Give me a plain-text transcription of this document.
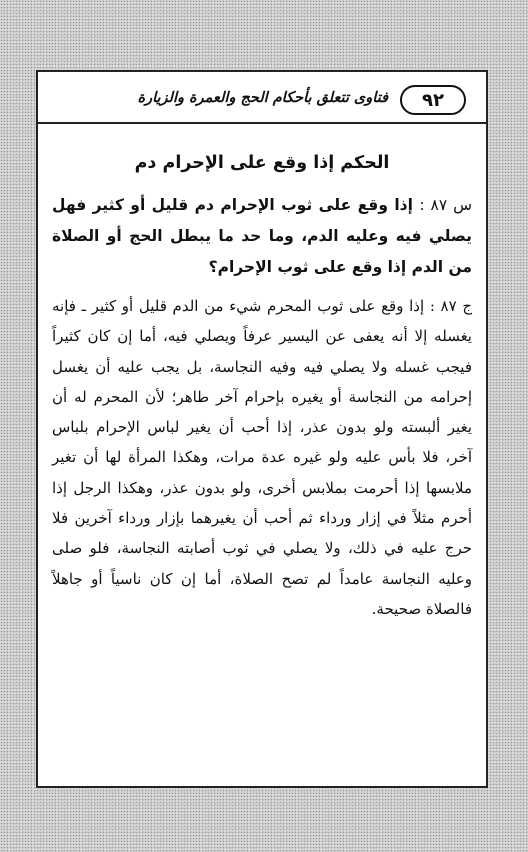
٩٢
فتاوى تتعلق بأحكام الحج والعمرة والزيارة
الحكم إذا وقع على الإحرام دم

س ٨٧ : إذا وقع على ثوب الإحرام دم قليل أو كثير فهل يصلي فيه وعليه الدم، وما حد ما يبطل الحج أو الصلاة من الدم إذا وقع على ثوب الإحرام؟

ج ٨٧ : إذا وقع على ثوب المحرم شيء من الدم قليل أو كثير ـ فإنه يغسله إلا أنه يعفى عن اليسير عرفاً ويصلي فيه، أما إن كان كثيراً فيجب غسله ولا يصلي فيه وفيه النجاسة، بل يجب عليه أن يغسل إحرامه من النجاسة أو يغيره بإحرام آخر طاهر؛ لأن المحرم له أن يغير ألبسته ولو بدون عذر، إذا أحب أن يغير لباس الإحرام بلباس آخر، فلا بأس عليه ولو غيره عدة مرات، وهكذا المرأة لها أن تغير ملابسها إذا أحرمت بملابس أخرى، ولو بدون عذر، وهكذا الرجل إذا أحرم مثلاً في إزار ورداء ثم أحب أن يغيرهما بإزار ورداء آخرين فلا حرج عليه في ذلك، ولا يصلي في ثوب أصابته النجاسة، فلو صلى وعليه النجاسة عامداً لم تصح الصلاة، أما إن كان ناسياً أو جاهلاً فالصلاة صحيحة.
